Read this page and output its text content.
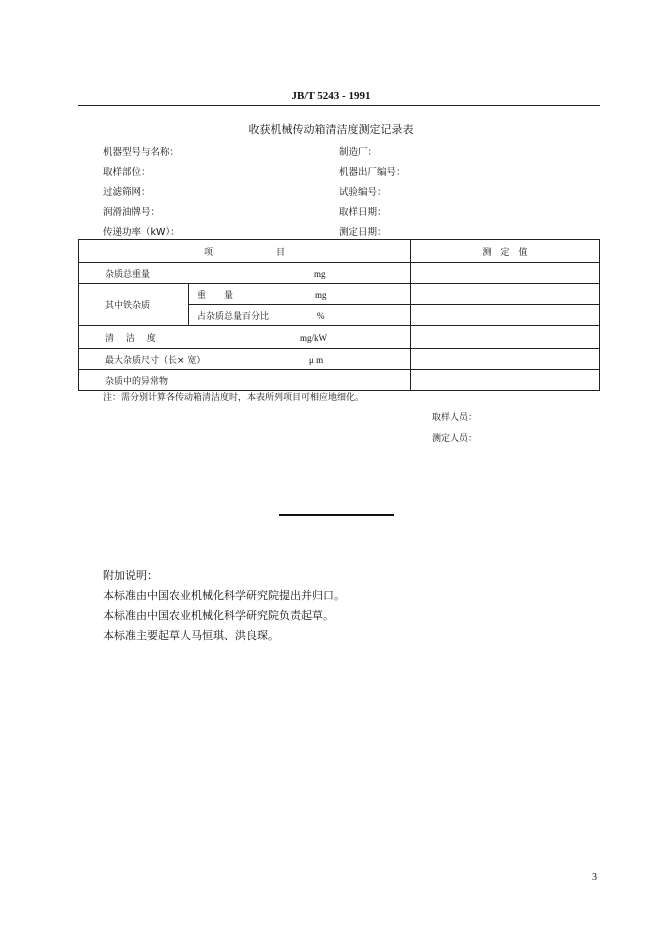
JB/T 5243 - 1991
收获机械传动箱清洁度测定记录表
机器型号与名称：
取样部位：
过滤筛网：
润滑油牌号：
传递功率（kW）：
制造厂：
机器出厂编号：
试验编号：
取样日期：
测定日期：
项　　　　　　　目		测　定　值
杂质总重量 mg		
其中铁杂质	重　　量 mg	
	占杂质总量百分比 %	
清　 洁　 度 mg/kW		
最大杂质尺寸（长× 宽） μ m		
杂质中的异常物		
注：需分别计算各传动箱清洁度时，本表所列项目可相应地细化。
取样人员：
测定人员：
附加说明：
本标准由中国农业机械化科学研究院提出并归口。
本标准由中国农业机械化科学研究院负责起草。
本标准主要起草人马恒琪、洪良琛。
3
